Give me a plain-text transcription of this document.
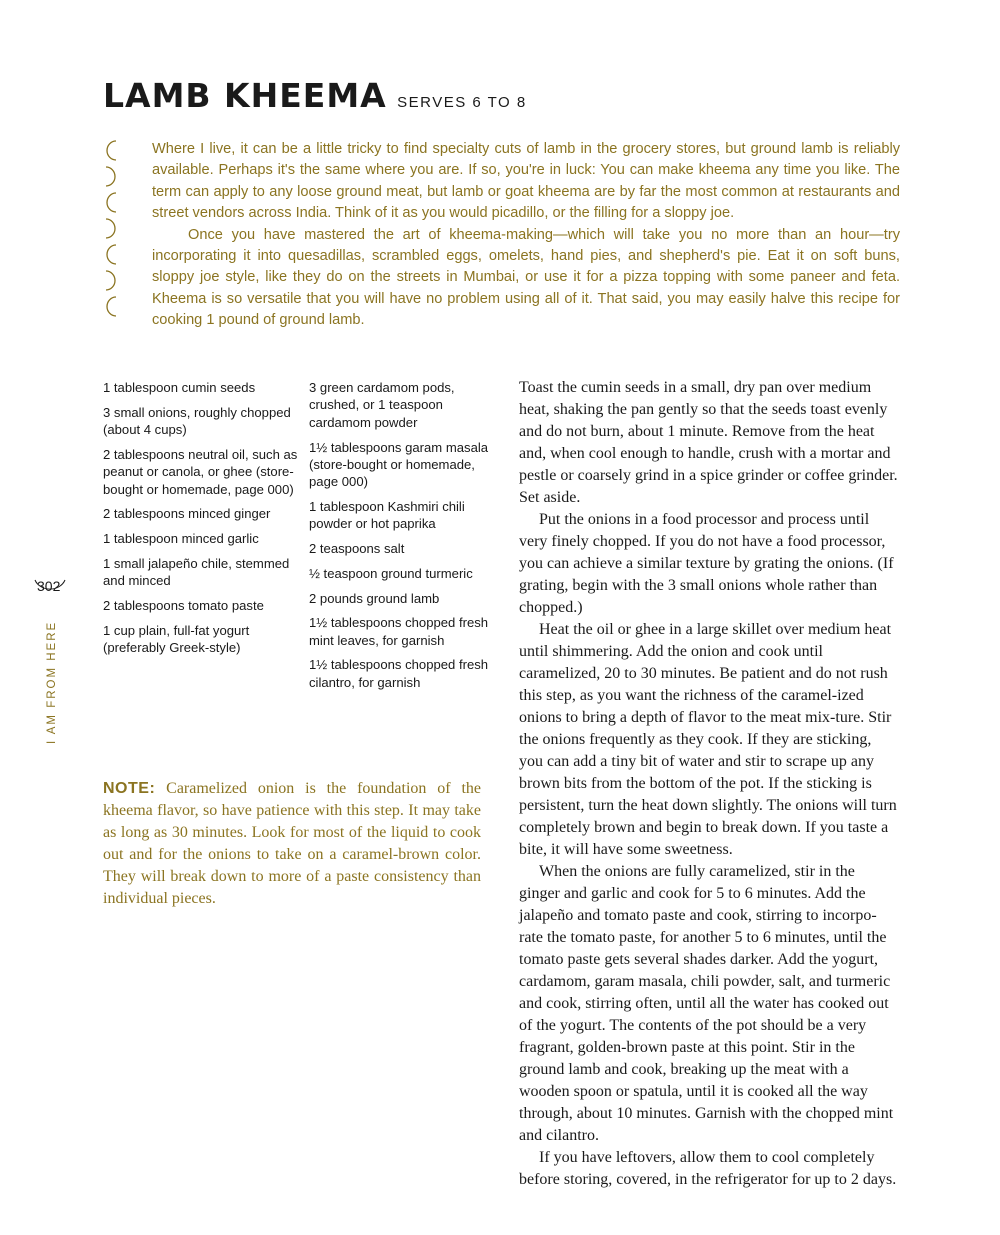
LAMB KHEEMA SERVES 6 TO 8

Where I live, it can be a little tricky to find specialty cuts of lamb in the grocery stores, but ground lamb is reliably available. Perhaps it's the same where you are. If so, you're in luck: You can make kheema any time you like. The term can apply to any loose ground meat, but lamb or goat kheema are by far the most common at restaurants and street vendors across India. Think of it as you would picadillo, or the filling for a sloppy joe.

Once you have mastered the art of kheema-making—which will take you no more than an hour—try incorporating it into quesadillas, scrambled eggs, omelets, hand pies, and shepherd's pie. Eat it on soft buns, sloppy joe style, like they do on the streets in Mumbai, or use it for a pizza topping with some paneer and feta. Kheema is so versatile that you will have no problem using all of it. That said, you may easily halve this recipe for cooking 1 pound of ground lamb.

1 tablespoon cumin seeds
3 small onions, roughly chopped (about 4 cups)
2 tablespoons neutral oil, such as peanut or canola, or ghee (store-bought or homemade, page 000)
2 tablespoons minced ginger
1 tablespoon minced garlic
1 small jalapeño chile, stemmed and minced
2 tablespoons tomato paste
1 cup plain, full-fat yogurt (preferably Greek-style)
3 green cardamom pods, crushed, or 1 teaspoon cardamom powder
1½ tablespoons garam masala (store-bought or homemade, page 000)
1 tablespoon Kashmiri chili powder or hot paprika
2 teaspoons salt
½ teaspoon ground turmeric
2 pounds ground lamb
1½ tablespoons chopped fresh mint leaves, for garnish
1½ tablespoons chopped fresh cilantro, for garnish
NOTE: Caramelized onion is the foundation of the kheema flavor, so have patience with this step. It may take as long as 30 minutes. Look for most of the liquid to cook out and for the onions to take on a caramel-brown color. They will break down to more of a paste consistency than individual pieces.

Toast the cumin seeds in a small, dry pan over medium heat, shaking the pan gently so that the seeds toast evenly and do not burn, about 1 minute. Remove from the heat and, when cool enough to handle, crush with a mortar and pestle or coarsely grind in a spice grinder or coffee grinder. Set aside.

Put the onions in a food processor and process until very finely chopped. If you do not have a food processor, you can achieve a similar texture by grating the onions. (If grating, begin with the 3 small onions whole rather than chopped.)

Heat the oil or ghee in a large skillet over medium heat until shimmering. Add the onion and cook until caramelized, 20 to 30 minutes. Be patient and do not rush this step, as you want the richness of the caramel-ized onions to bring a depth of flavor to the meat mix-ture. Stir the onions frequently as they cook. If they are sticking, you can add a tiny bit of water and stir to scrape up any brown bits from the bottom of the pot. If the sticking is persistent, turn the heat down slightly. The onions will turn completely brown and begin to break down. If you taste a bite, it will have some sweetness.

When the onions are fully caramelized, stir in the ginger and garlic and cook for 5 to 6 minutes. Add the jalapeño and tomato paste and cook, stirring to incorpo-rate the tomato paste, for another 5 to 6 minutes, until the tomato paste gets several shades darker. Add the yogurt, cardamom, garam masala, chili powder, salt, and turmeric and cook, stirring often, until all the water has cooked out of the yogurt. The contents of the pot should be a very fragrant, golden-brown paste at this point. Stir in the ground lamb and cook, breaking up the meat with a wooden spoon or spatula, until it is cooked all the way through, about 10 minutes. Garnish with the chopped mint and cilantro.

If you have leftovers, allow them to cool completely before storing, covered, in the refrigerator for up to 2 days.

302
I AM FROM HERE
